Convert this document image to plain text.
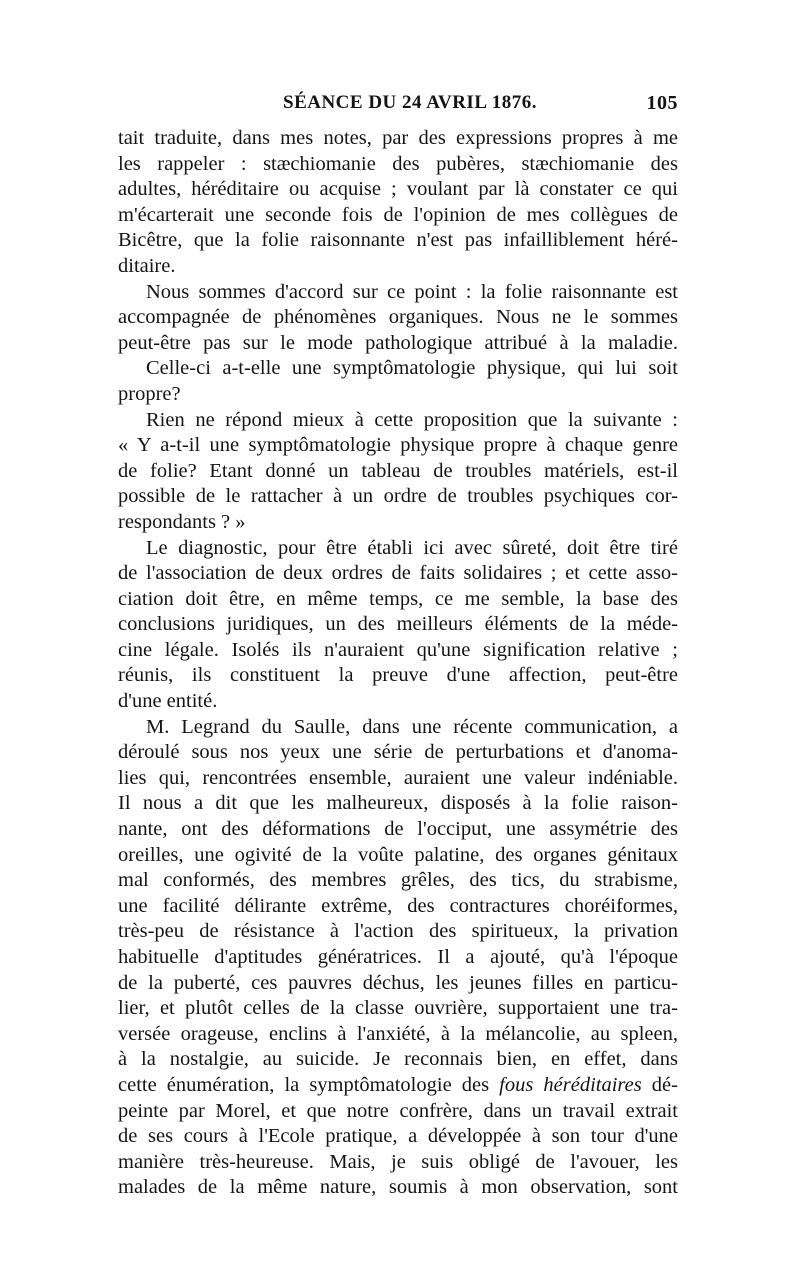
SÉANCE DU 24 AVRIL 1876.	105
tait traduite, dans mes notes, par des expressions propres à me
les rappeler : stæchiomanie des pubères, stæchiomanie des
adultes, héréditaire ou acquise ; voulant par là constater ce qui
m'écarterait une seconde fois de l'opinion de mes collègues de
Bicêtre, que la folie raisonnante n'est pas infailliblement héré-
ditaire.
Nous sommes d'accord sur ce point : la folie raisonnante est
accompagnée de phénomènes organiques. Nous ne le sommes
peut-être pas sur le mode pathologique attribué à la maladie.
Celle-ci a-t-elle une symptômatologie physique, qui lui soit
propre?
Rien ne répond mieux à cette proposition que la suivante :
« Y a-t-il une symptômatologie physique propre à chaque genre
de folie? Etant donné un tableau de troubles matériels, est-il
possible de le rattacher à un ordre de troubles psychiques cor-
respondants ? »
Le diagnostic, pour être établi ici avec sûreté, doit être tiré
de l'association de deux ordres de faits solidaires ; et cette asso-
ciation doit être, en même temps, ce me semble, la base des
conclusions juridiques, un des meilleurs éléments de la méde-
cine légale. Isolés ils n'auraient qu'une signification relative ;
réunis, ils constituent la preuve d'une affection, peut-être
d'une entité.
M. Legrand du Saulle, dans une récente communication, a
déroulé sous nos yeux une série de perturbations et d'anoma-
lies qui, rencontrées ensemble, auraient une valeur indéniable.
Il nous a dit que les malheureux, disposés à la folie raison-
nante, ont des déformations de l'occiput, une assymétrie des
oreilles, une ogivité de la voûte palatine, des organes génitaux
mal conformés, des membres grêles, des tics, du strabisme,
une facilité délirante extrême, des contractures choréiformes,
très-peu de résistance à l'action des spiritueux, la privation
habituelle d'aptitudes génératrices. Il a ajouté, qu'à l'époque
de la puberté, ces pauvres déchus, les jeunes filles en particu-
lier, et plutôt celles de la classe ouvrière, supportaient une tra-
versée orageuse, enclins à l'anxiété, à la mélancolie, au spleen,
à la nostalgie, au suicide. Je reconnais bien, en effet, dans
cette énumération, la symptômatologie des fous héréditaires dé-
peinte par Morel, et que notre confrère, dans un travail extrait
de ses cours à l'Ecole pratique, a développée à son tour d'une
manière très-heureuse. Mais, je suis obligé de l'avouer, les
malades de la même nature, soumis à mon observation, sont
